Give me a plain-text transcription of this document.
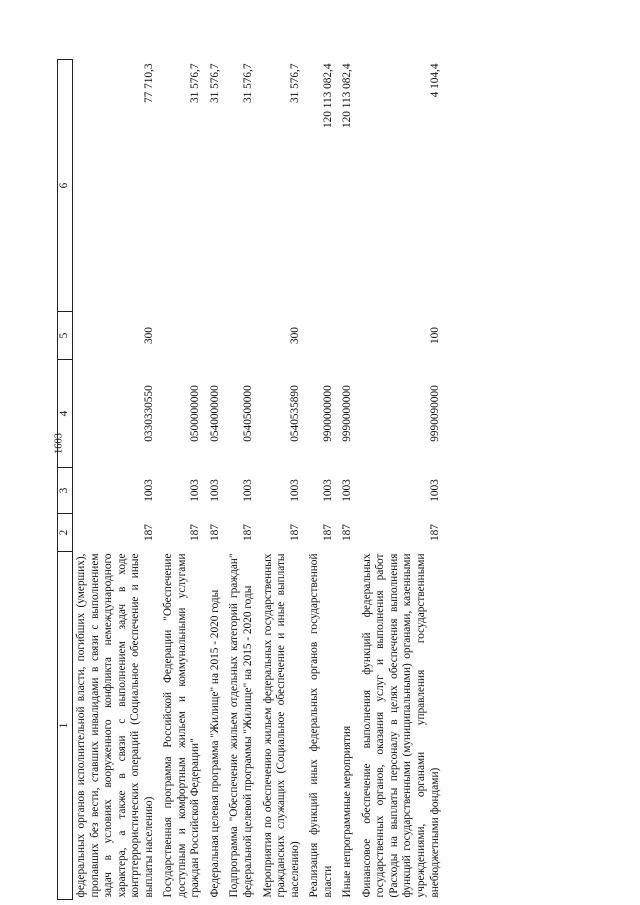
1603
1	2	3	4	5	6
федеральных органов исполнительной власти, погибших (умерших), пропавших без вести, ставших инвалидами в связи с выполнением задач в условиях вооруженного конфликта немеждународного характера, а также в связи с выполнением задач в ходе контртеррористических операций (Социальное обеспечение и иные выплаты населению)	187	1003	0330330550	300	77 710,3
Государственная программа Российской Федерации "Обеспечение доступным и комфортным жильем и коммунальными услугами граждан Российской Федерации"	187	1003	0500000000		31 576,7
Федеральная целевая программа "Жилище" на 2015 - 2020 годы	187	1003	0540000000		31 576,7
Подпрограмма "Обеспечение жильем отдельных категорий граждан" федеральной целевой программы "Жилище" на 2015 - 2020 годы	187	1003	0540500000		31 576,7
Мероприятия по обеспечению жильем федеральных государственных гражданских служащих (Социальное обеспечение и иные выплаты населению)	187	1003	0540535890	300	31 576,7
Реализация функций иных федеральных органов государственной власти	187	1003	9900000000		120 113 082,4
Иные непрограммные мероприятия	187	1003	9990000000		120 113 082,4
Финансовое обеспечение выполнения функций федеральных государственных органов, оказания услуг и выполнения работ (Расходы на выплаты персоналу в целях обеспечения выполнения функций государственными (муниципальными) органами, казенными учреждениями, органами управления государственными внебюджетными фондами)	187	1003	9990090000	100	4 104,4
